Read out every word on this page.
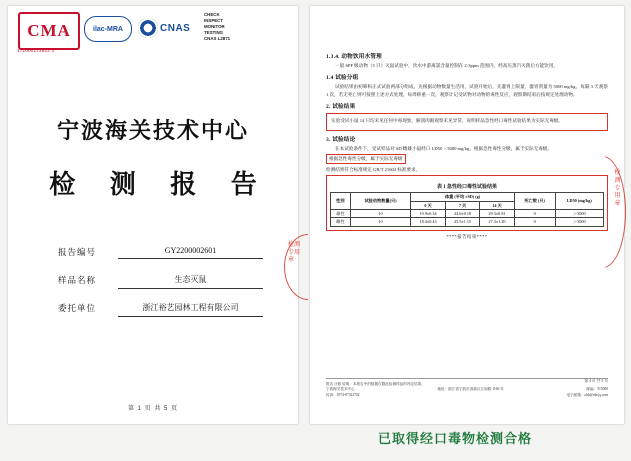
CMA
171000172822 3
ilac-MRA	CNAS
CHECK
INSPECT
MONITOR
TESTING
CNAS L2871
宁波海关技术中心
检 测 报 告
报告编号	GY2200002601
样品名称	生态灭鼠
委托单位	浙江裕艺园林工程有限公司
第 1 页 共 5 页
检测专用章
1.3.4. 动物饮用水管理

一般 SPF 级动物（5 只）灭鼠试验中，饮水中游离氯含量控制在 2-3ppm 范围内，经高压蒸汽灭菌后方能饮用。

1.4 试验分组

试验结果由初筛和正式试验两部分组成，先根据动物数量生活用，试验开始后，先灌胃上限量，灌胃剂量为 5000 mg/kg，每隔 3 天观察 1 次，若无死亡则可按照上述方式处理，每周称重一次，观察计记受试物对动物的毒性反应，观察期结束后按规定处理动物。

2. 试验结果

实验受试小鼠 14 只均未见任何中毒现象，解剖肉眼观察未见异常，说明样品急性经口毒性试验结果为实际无毒级。

3. 试验结论

在本试验条件下，受试样品对 SD 雌雄小鼠经口 LD50 > 5000 mg/kg，根据急性毒性分级，属于实际无毒级。

根据急性毒性分级，属于实际无毒级

检测结果符合标准规定 GB/T 21604 标准要求。

表 1 急性经口毒性试验结果
性别	试验动物数量(只)	体重 (平均 ±SD) (g)			死亡数 (只)	LD50 (mg/kg)
		0 天	7 天	14 天		
雄性	10	19.9±0.34	24.6±0.18	29.3±0.81	0	＞5000
雌性	10	18.4±0.43	23.5±1.15	27.3±1.20	0	＞5000
****报告结束****
第 4 页 共 5 页
报告 计数 说明：本报告中的数据仅限此检测样品的判定结果。
宁波海关技术中心	地址：浙江省宁波市高新区江南路 1166 号	邮编：315000
传真：0574-87322702	电子邮箱：zhb@nbcjq.com
检测专用章
已取得经口毒物检测合格
